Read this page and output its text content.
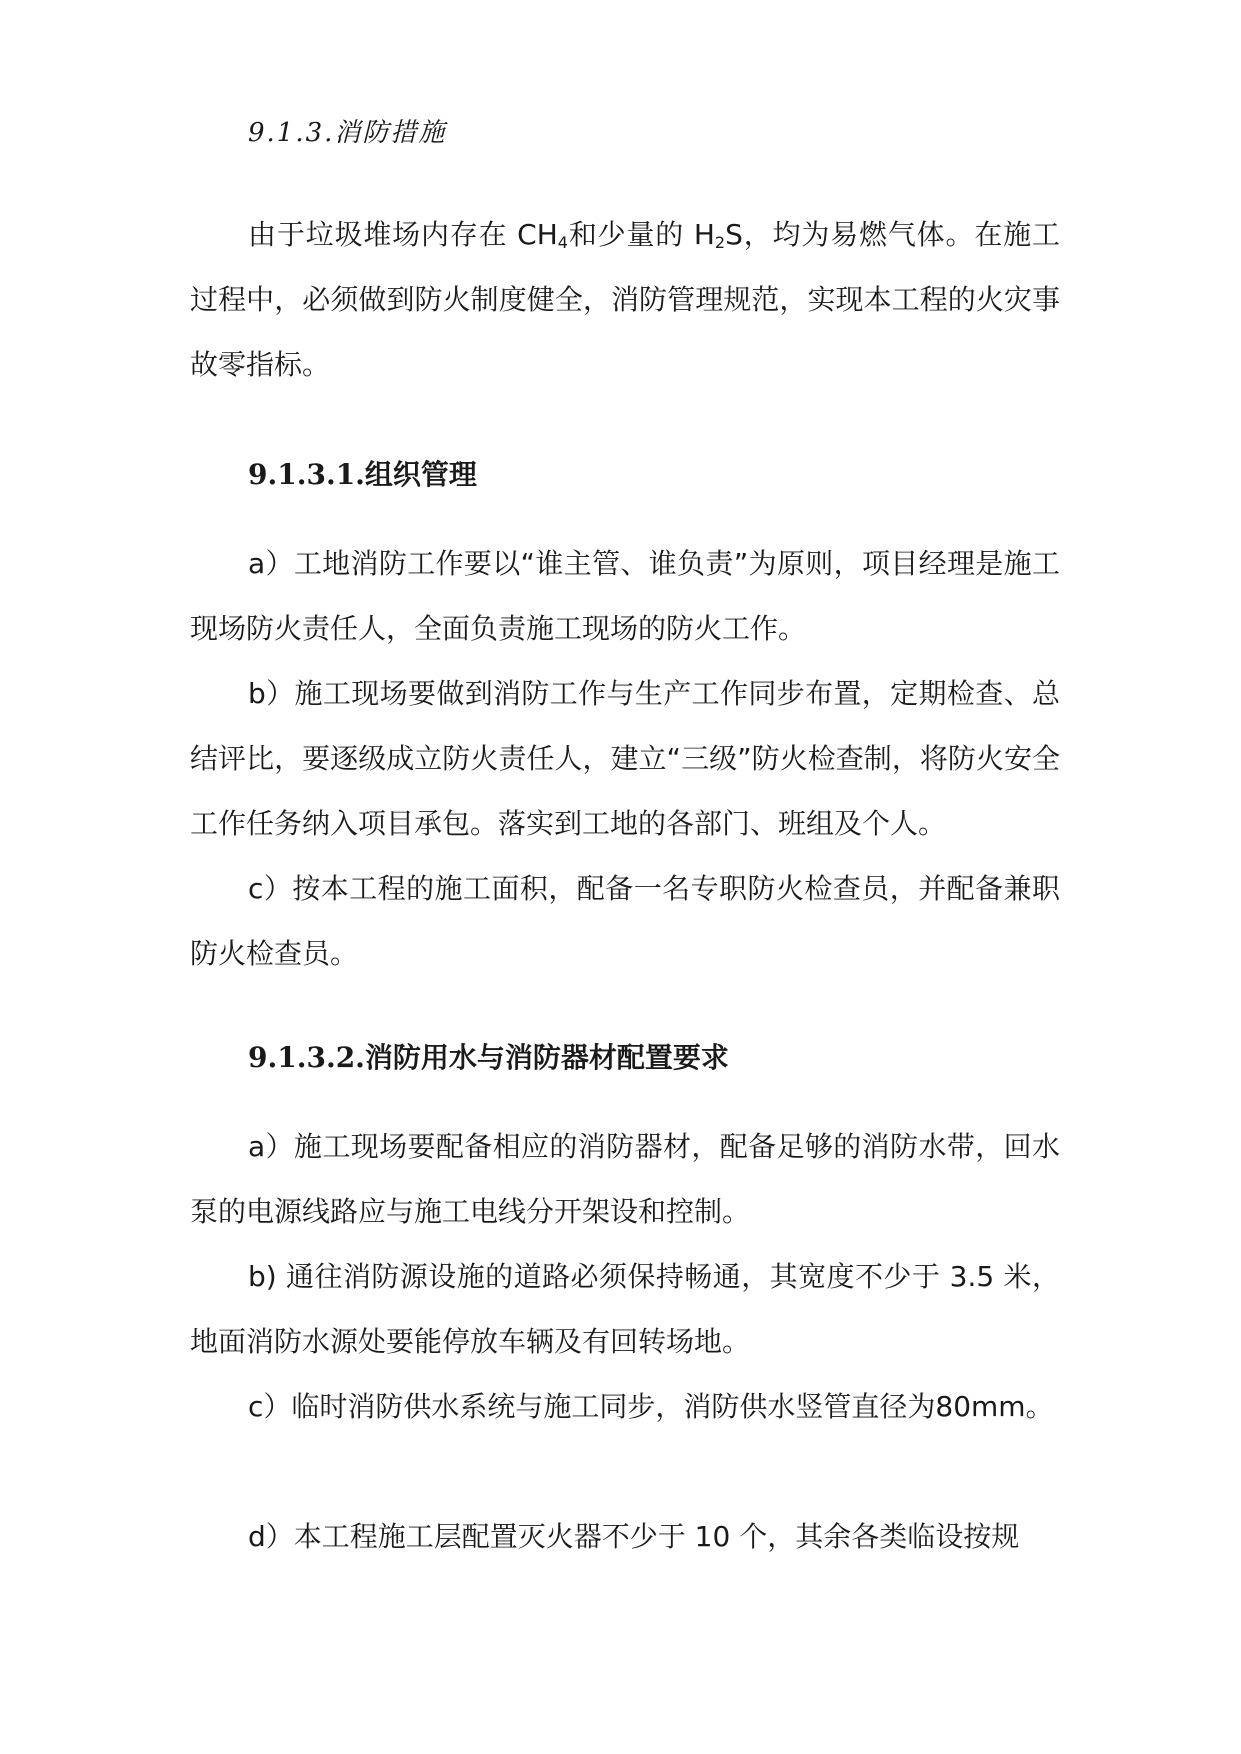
9.1.3.消防措施

由于垃圾堆场内存在 $CH_4$和少量的 $H_2S$，均为易燃气体。在施工过程中，必须做到防火制度健全，消防管理规范，实现本工程的火灾事故零指标。

9.1.3.1.组织管理

a）工地消防工作要以“谁主管、谁负责”为原则，项目经理是施工现场防火责任人，全面负责施工现场的防火工作。

b）施工现场要做到消防工作与生产工作同步布置，定期检查、总结评比，要逐级成立防火责任人，建立“三级”防火检查制，将防火安全工作任务纳入项目承包。落实到工地的各部门、班组及个人。

c）按本工程的施工面积，配备一名专职防火检查员，并配备兼职防火检查员。

9.1.3.2.消防用水与消防器材配置要求

a）施工现场要配备相应的消防器材，配备足够的消防水带，回水泵的电源线路应与施工电线分开架设和控制。

b) 通往消防源设施的道路必须保持畅通，其宽度不少于 3.5 米，地面消防水源处要能停放车辆及有回转场地。

c）临时消防供水系统与施工同步，消防供水竖管直径为80mm。

d）本工程施工层配置灭火器不少于 10 个，其余各类临设按规
